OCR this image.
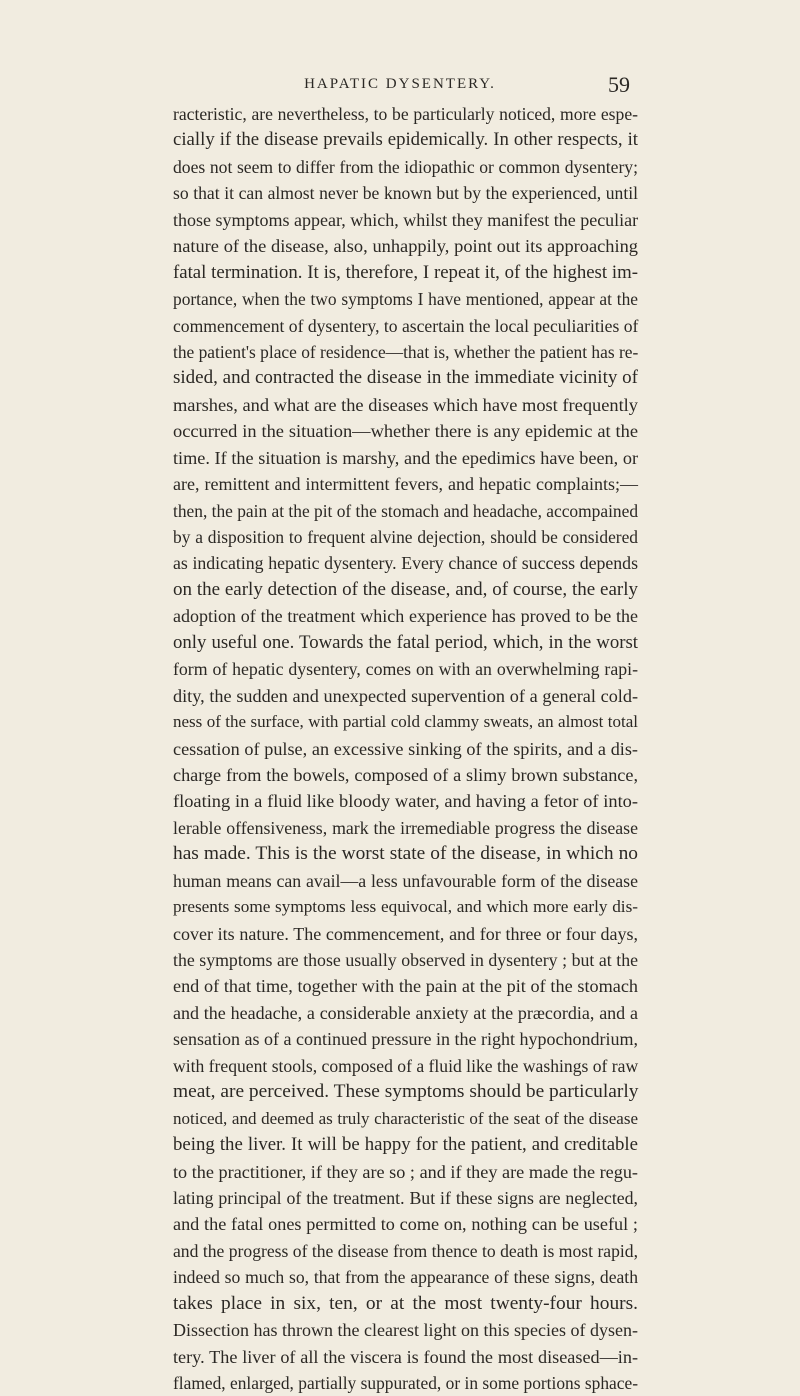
HAPATIC DYSENTERY.	59
racteristic, are nevertheless, to be particularly noticed, more espe-
cially if the disease prevails epidemically. In other respects, it
does not seem to differ from the idiopathic or common dysentery;
so that it can almost never be known but by the experienced, until
those symptoms appear, which, whilst they manifest the peculiar
nature of the disease, also, unhappily, point out its approaching
fatal termination. It is, therefore, I repeat it, of the highest im-
portance, when the two symptoms I have mentioned, appear at the
commencement of dysentery, to ascertain the local peculiarities of
the patient's place of residence—that is, whether the patient has re-
sided, and contracted the disease in the immediate vicinity of
marshes, and what are the diseases which have most frequently
occurred in the situation—whether there is any epidemic at the
time. If the situation is marshy, and the epedimics have been, or
are, remittent and intermittent fevers, and hepatic complaints;—
then, the pain at the pit of the stomach and headache, accompained
by a disposition to frequent alvine dejection, should be considered
as indicating hepatic dysentery. Every chance of success depends
on the early detection of the disease, and, of course, the early
adoption of the treatment which experience has proved to be the
only useful one. Towards the fatal period, which, in the worst
form of hepatic dysentery, comes on with an overwhelming rapi-
dity, the sudden and unexpected supervention of a general cold-
ness of the surface, with partial cold clammy sweats, an almost total
cessation of pulse, an excessive sinking of the spirits, and a dis-
charge from the bowels, composed of a slimy brown substance,
floating in a fluid like bloody water, and having a fetor of into-
lerable offensiveness, mark the irremediable progress the disease
has made. This is the worst state of the disease, in which no
human means can avail—a less unfavourable form of the disease
presents some symptoms less equivocal, and which more early dis-
cover its nature. The commencement, and for three or four days,
the symptoms are those usually observed in dysentery ; but at the
end of that time, together with the pain at the pit of the stomach
and the headache, a considerable anxiety at the præcordia, and a
sensation as of a continued pressure in the right hypochondrium,
with frequent stools, composed of a fluid like the washings of raw
meat, are perceived. These symptoms should be particularly
noticed, and deemed as truly characteristic of the seat of the disease
being the liver. It will be happy for the patient, and creditable
to the practitioner, if they are so ; and if they are made the regu-
lating principal of the treatment. But if these signs are neglected,
and the fatal ones permitted to come on, nothing can be useful ;
and the progress of the disease from thence to death is most rapid,
indeed so much so, that from the appearance of these signs, death
takes place in six, ten, or at the most twenty-four hours.
Dissection has thrown the clearest light on this species of dysen-
tery. The liver of all the viscera is found the most diseased—in-
flamed, enlarged, partially suppurated, or in some portions sphace-
